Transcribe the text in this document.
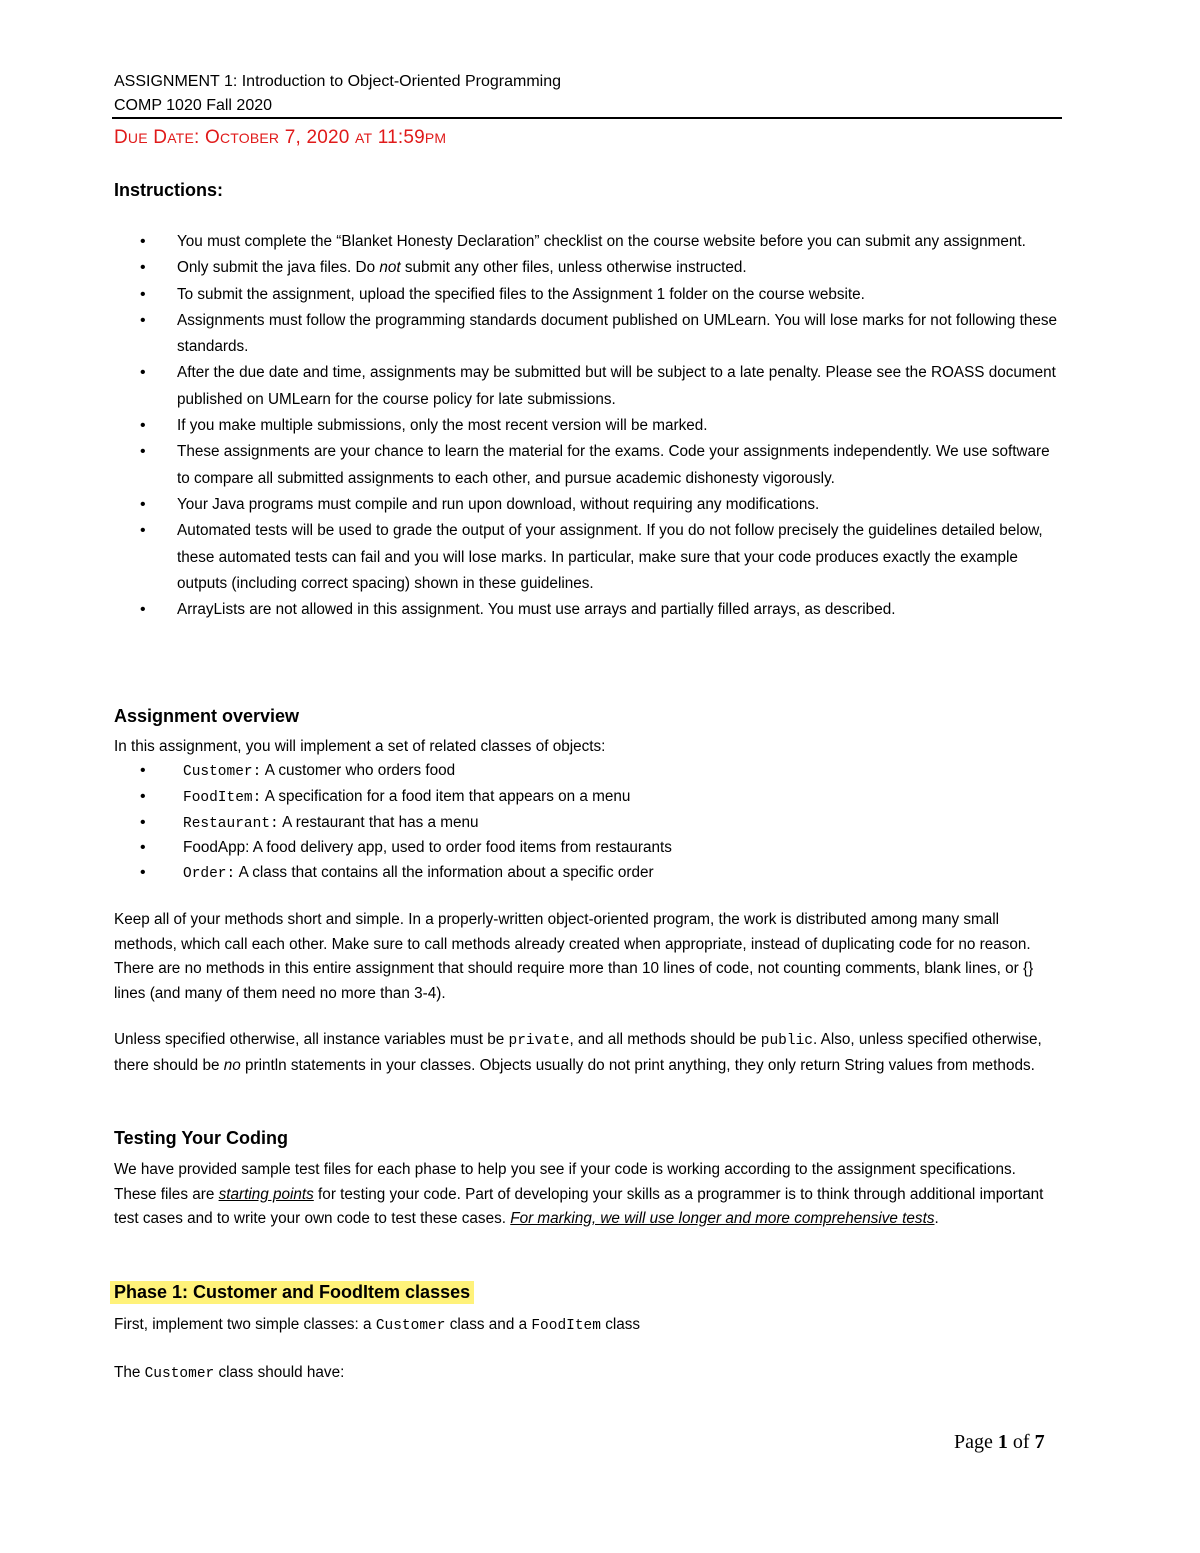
ASSIGNMENT 1: Introduction to Object-Oriented Programming
COMP 1020 Fall 2020
DUE DATE: OCTOBER 7, 2020 AT 11:59PM
Instructions:
• You must complete the “Blanket Honesty Declaration” checklist on the course website before you can submit any assignment.
• Only submit the java files. Do not submit any other files, unless otherwise instructed.
• To submit the assignment, upload the specified files to the Assignment 1 folder on the course website.
• Assignments must follow the programming standards document published on UMLearn. You will lose marks for not following these standards.
• After the due date and time, assignments may be submitted but will be subject to a late penalty. Please see the ROASS document published on UMLearn for the course policy for late submissions.
• If you make multiple submissions, only the most recent version will be marked.
• These assignments are your chance to learn the material for the exams. Code your assignments independently. We use software to compare all submitted assignments to each other, and pursue academic dishonesty vigorously.
• Your Java programs must compile and run upon download, without requiring any modifications.
• Automated tests will be used to grade the output of your assignment. If you do not follow precisely the guidelines detailed below, these automated tests can fail and you will lose marks. In particular, make sure that your code produces exactly the example outputs (including correct spacing) shown in these guidelines.
• ArrayLists are not allowed in this assignment. You must use arrays and partially filled arrays, as described.
Assignment overview
In this assignment, you will implement a set of related classes of objects:
• Customer: A customer who orders food
• FoodItem: A specification for a food item that appears on a menu
• Restaurant: A restaurant that has a menu
• FoodApp: A food delivery app, used to order food items from restaurants
• Order: A class that contains all the information about a specific order
Keep all of your methods short and simple. In a properly-written object-oriented program, the work is distributed among many small methods, which call each other. Make sure to call methods already created when appropriate, instead of duplicating code for no reason. There are no methods in this entire assignment that should require more than 10 lines of code, not counting comments, blank lines, or {} lines (and many of them need no more than 3-4).
Unless specified otherwise, all instance variables must be private, and all methods should be public. Also, unless specified otherwise, there should be no println statements in your classes. Objects usually do not print anything, they only return String values from methods.
Testing Your Coding
We have provided sample test files for each phase to help you see if your code is working according to the assignment specifications. These files are starting points for testing your code. Part of developing your skills as a programmer is to think through additional important test cases and to write your own code to test these cases. For marking, we will use longer and more comprehensive tests.
Phase 1: Customer and FoodItem classes
First, implement two simple classes: a Customer class and a FoodItem class
The Customer class should have:
Page 1 of 7
